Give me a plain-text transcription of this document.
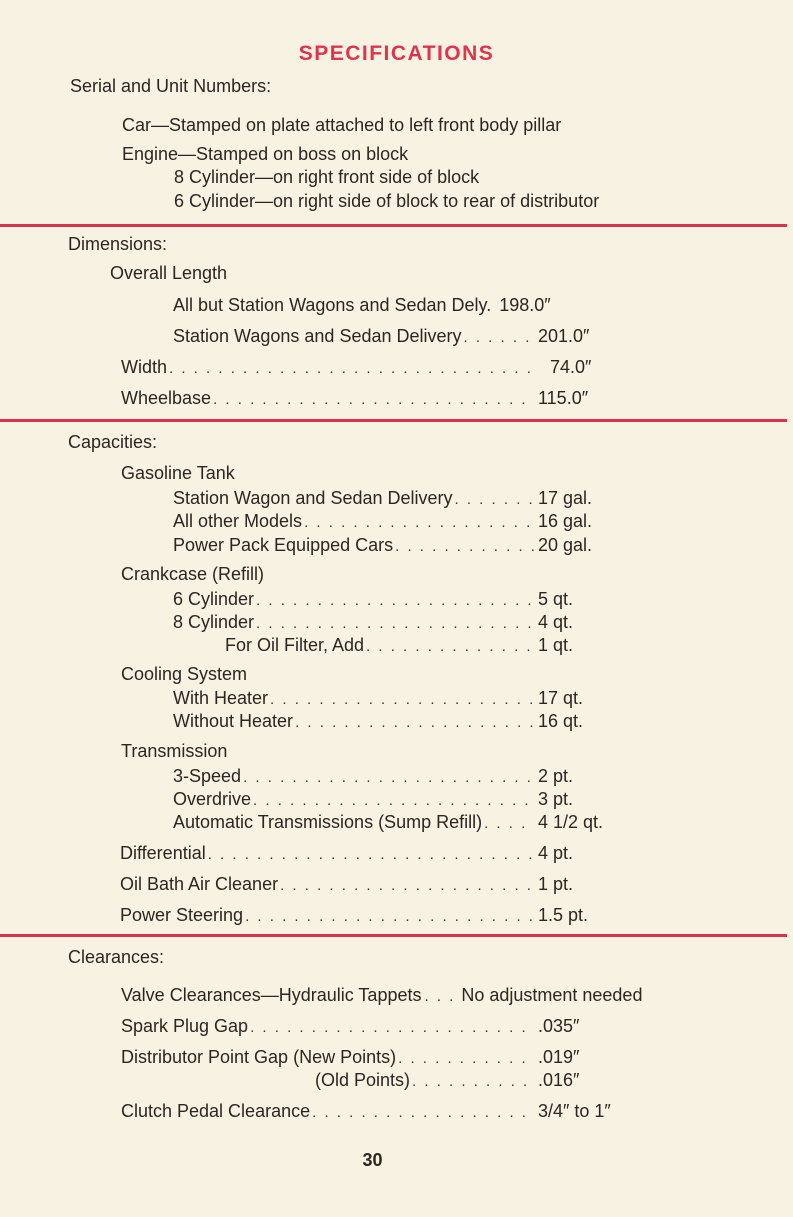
SPECIFICATIONS
Serial and Unit Numbers:
Car—Stamped on plate attached to left front body pillar
Engine—Stamped on boss on block
8 Cylinder—on right front side of block
6 Cylinder—on right side of block to rear of distributor
Dimensions:
Overall Length
All but Station Wagons and Sedan Dely. 198.0″
Station Wagons and Sedan Delivery . . .	201.0″
Width . . .	74.0″
Wheelbase . . .	115.0″
Capacities:
Gasoline Tank
Station Wagon and Sedan Delivery . . .	17 gal.
All other Models . . .	16 gal.
Power Pack Equipped Cars . . .	20 gal.
Crankcase (Refill)
6 Cylinder . . .	5 qt.
8 Cylinder . . .	4 qt.
For Oil Filter, Add . . .	1 qt.
Cooling System
With Heater . . .	17 qt.
Without Heater . . .	16 qt.
Transmission
3-Speed . . .	2 pt.
Overdrive . . .	3 pt.
Automatic Transmissions (Sump Refill) . . .	4 1/2 qt.
Differential . . .	4 pt.
Oil Bath Air Cleaner . . .	1 pt.
Power Steering . . .	1.5 pt.
Clearances:
Valve Clearances—Hydraulic Tappets . . . No adjustment needed
Spark Plug Gap . . .	.035″
Distributor Point Gap (New Points) . . .	.019″
(Old Points) . . .	.016″
Clutch Pedal Clearance . . .	3/4″ to 1″
30
